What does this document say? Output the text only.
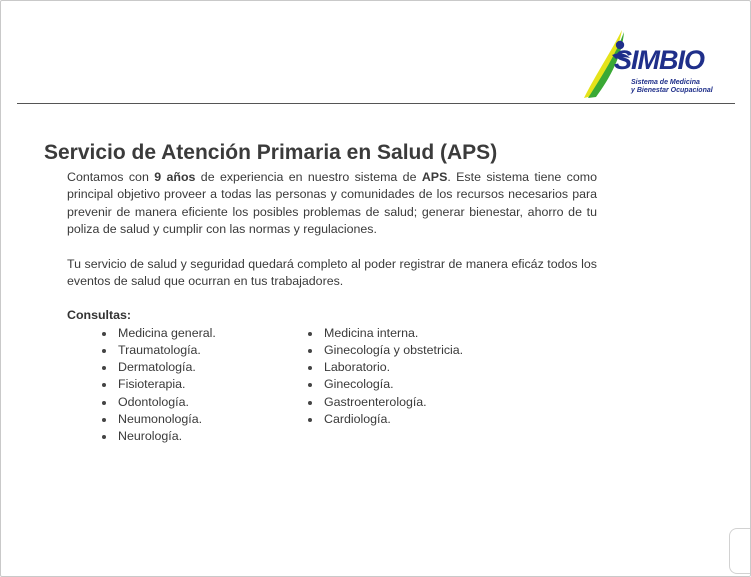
SIMBIO
Sistema de Medicina
y Bienestar Ocupacional
Servicio de Atención Primaria en Salud (APS)

Contamos con 9 años de experiencia en nuestro sistema de APS. Este sistema tiene como principal objetivo proveer a todas las personas y comunidades de los recursos necesarios para prevenir de manera eficiente los posibles problemas de salud; generar bienestar, ahorro de tu poliza de salud y cumplir con las normas y regulaciones.

Tu servicio de salud y seguridad quedará completo al poder registrar de manera eficáz todos los eventos de salud que ocurran en tus trabajadores.

Consultas:
Medicina general.
Traumatología.
Dermatología.
Fisioterapia.
Odontología.
Neumonología.
Neurología.
Medicina interna.
Ginecología y obstetricia.
Laboratorio.
Ginecología.
Gastroenterología.
Cardiología.
